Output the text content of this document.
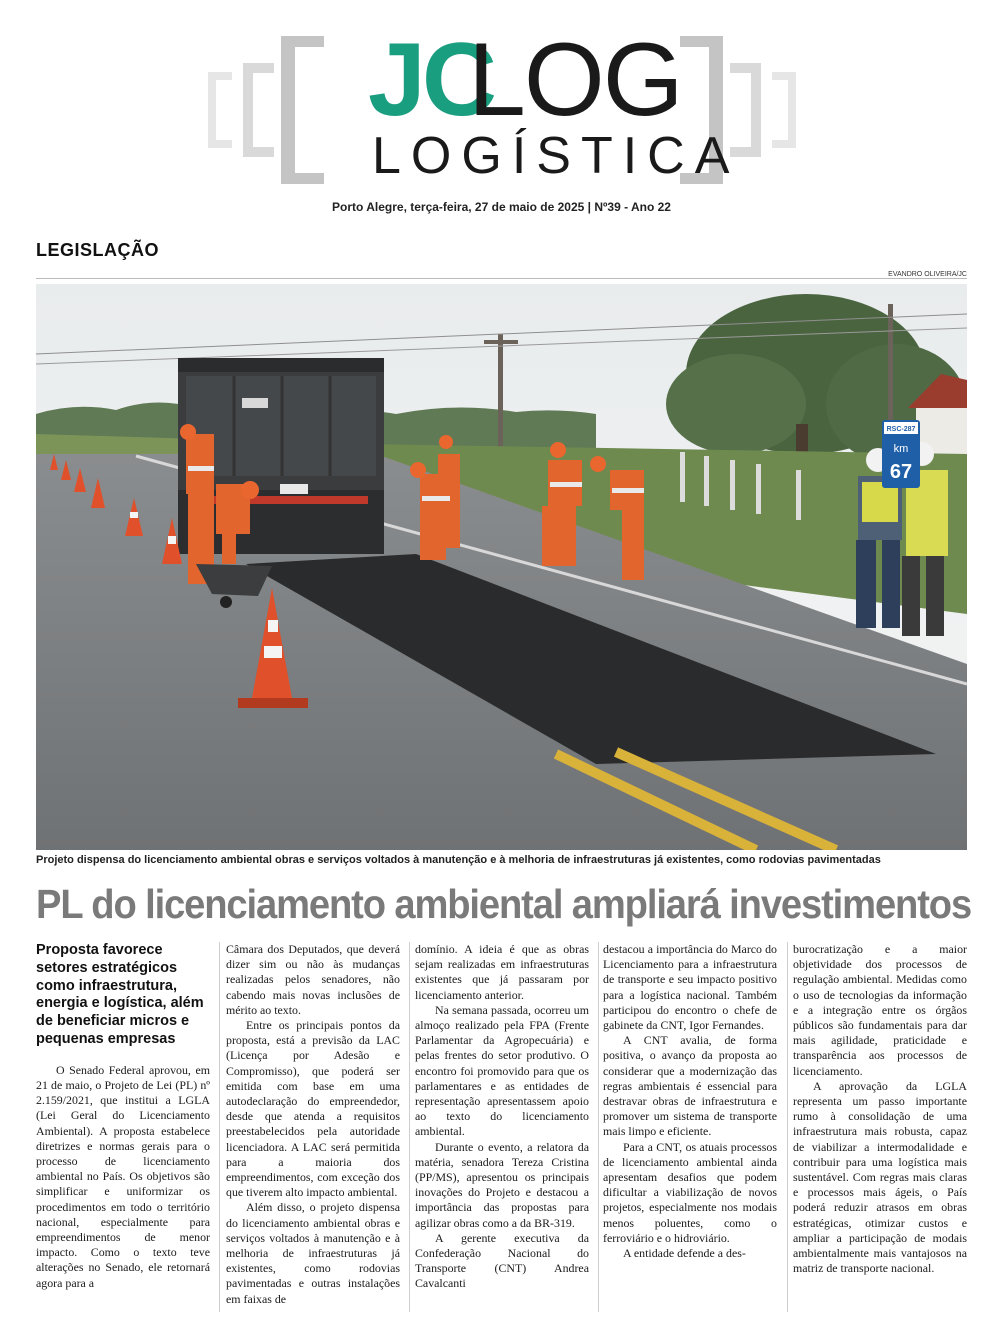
JC
LOG
LOGÍSTICA
Porto Alegre, terça-feira, 27 de maio de 2025 | Nº39 - Ano 22
LEGISLAÇÃO
EVANDRO OLIVEIRA/JC
RSC-287
km
67
Projeto dispensa do licenciamento ambiental obras e serviços voltados à manutenção e à melhoria de infraestruturas já existentes, como rodovias pavimentadas
PL do licenciamento ambiental ampliará investimentos

Proposta favorece setores estratégicos como infraestrutura, energia e logística, além de beneficiar micros e pequenas empresas

O Senado Federal aprovou, em 21 de maio, o Projeto de Lei (PL) nº 2.159/2021, que institui a LGLA (Lei Geral do Licenciamento Ambiental). A proposta estabelece diretrizes e normas gerais para o processo de licenciamento ambiental no País. Os objetivos são simplificar e uniformizar os procedimentos em todo o território nacional, especialmente para empreendimentos de menor impacto. Como o texto teve alterações no Senado, ele retornará agora para a

Câmara dos Deputados, que deverá dizer sim ou não às mudanças realizadas pelos senadores, não cabendo mais novas inclusões de mérito ao texto.

Entre os principais pontos da proposta, está a previsão da LAC (Licença por Adesão e Compromisso), que poderá ser emitida com base em uma autodeclaração do empreendedor, desde que atenda a requisitos preestabelecidos pela autoridade licenciadora. A LAC será permitida para a maioria dos empreendimentos, com exceção dos que tiverem alto impacto ambiental.

Além disso, o projeto dispensa do licenciamento ambiental obras e serviços voltados à manutenção e à melhoria de infraestruturas já existentes, como rodovias pavimentadas e outras instalações em faixas de

domínio. A ideia é que as obras sejam realizadas em infraestruturas existentes que já passaram por licenciamento anterior.

Na semana passada, ocorreu um almoço realizado pela FPA (Frente Parlamentar da Agropecuária) e pelas frentes do setor produtivo. O encontro foi promovido para que os parlamentares e as entidades de representação apresentassem apoio ao texto do licenciamento ambiental.

Durante o evento, a relatora da matéria, senadora Tereza Cristina (PP/MS), apresentou os principais inovações do Projeto e destacou a importância das propostas para agilizar obras como a da BR-319.

A gerente executiva da Confederação Nacional do Transporte (CNT) Andrea Cavalcanti

destacou a importância do Marco do Licenciamento para a infraestrutura de transporte e seu impacto positivo para a logística nacional. Também participou do encontro o chefe de gabinete da CNT, Igor Fernandes.

A CNT avalia, de forma positiva, o avanço da proposta ao considerar que a modernização das regras ambientais é essencial para destravar obras de infraestrutura e promover um sistema de transporte mais limpo e eficiente.

Para a CNT, os atuais processos de licenciamento ambiental ainda apresentam desafios que podem dificultar a viabilização de novos projetos, especialmente nos modais menos poluentes, como o ferroviário e o hidroviário.

A entidade defende a des-

burocratização e a maior objetividade dos processos de regulação ambiental. Medidas como o uso de tecnologias da informação e a integração entre os órgãos públicos são fundamentais para dar mais agilidade, praticidade e transparência aos processos de licenciamento.

A aprovação da LGLA representa um passo importante rumo à consolidação de uma infraestrutura mais robusta, capaz de viabilizar a intermodalidade e contribuir para uma logística mais sustentável. Com regras mais claras e processos mais ágeis, o País poderá reduzir atrasos em obras estratégicas, otimizar custos e ampliar a participação de modais ambientalmente mais vantajosos na matriz de transporte nacional.
